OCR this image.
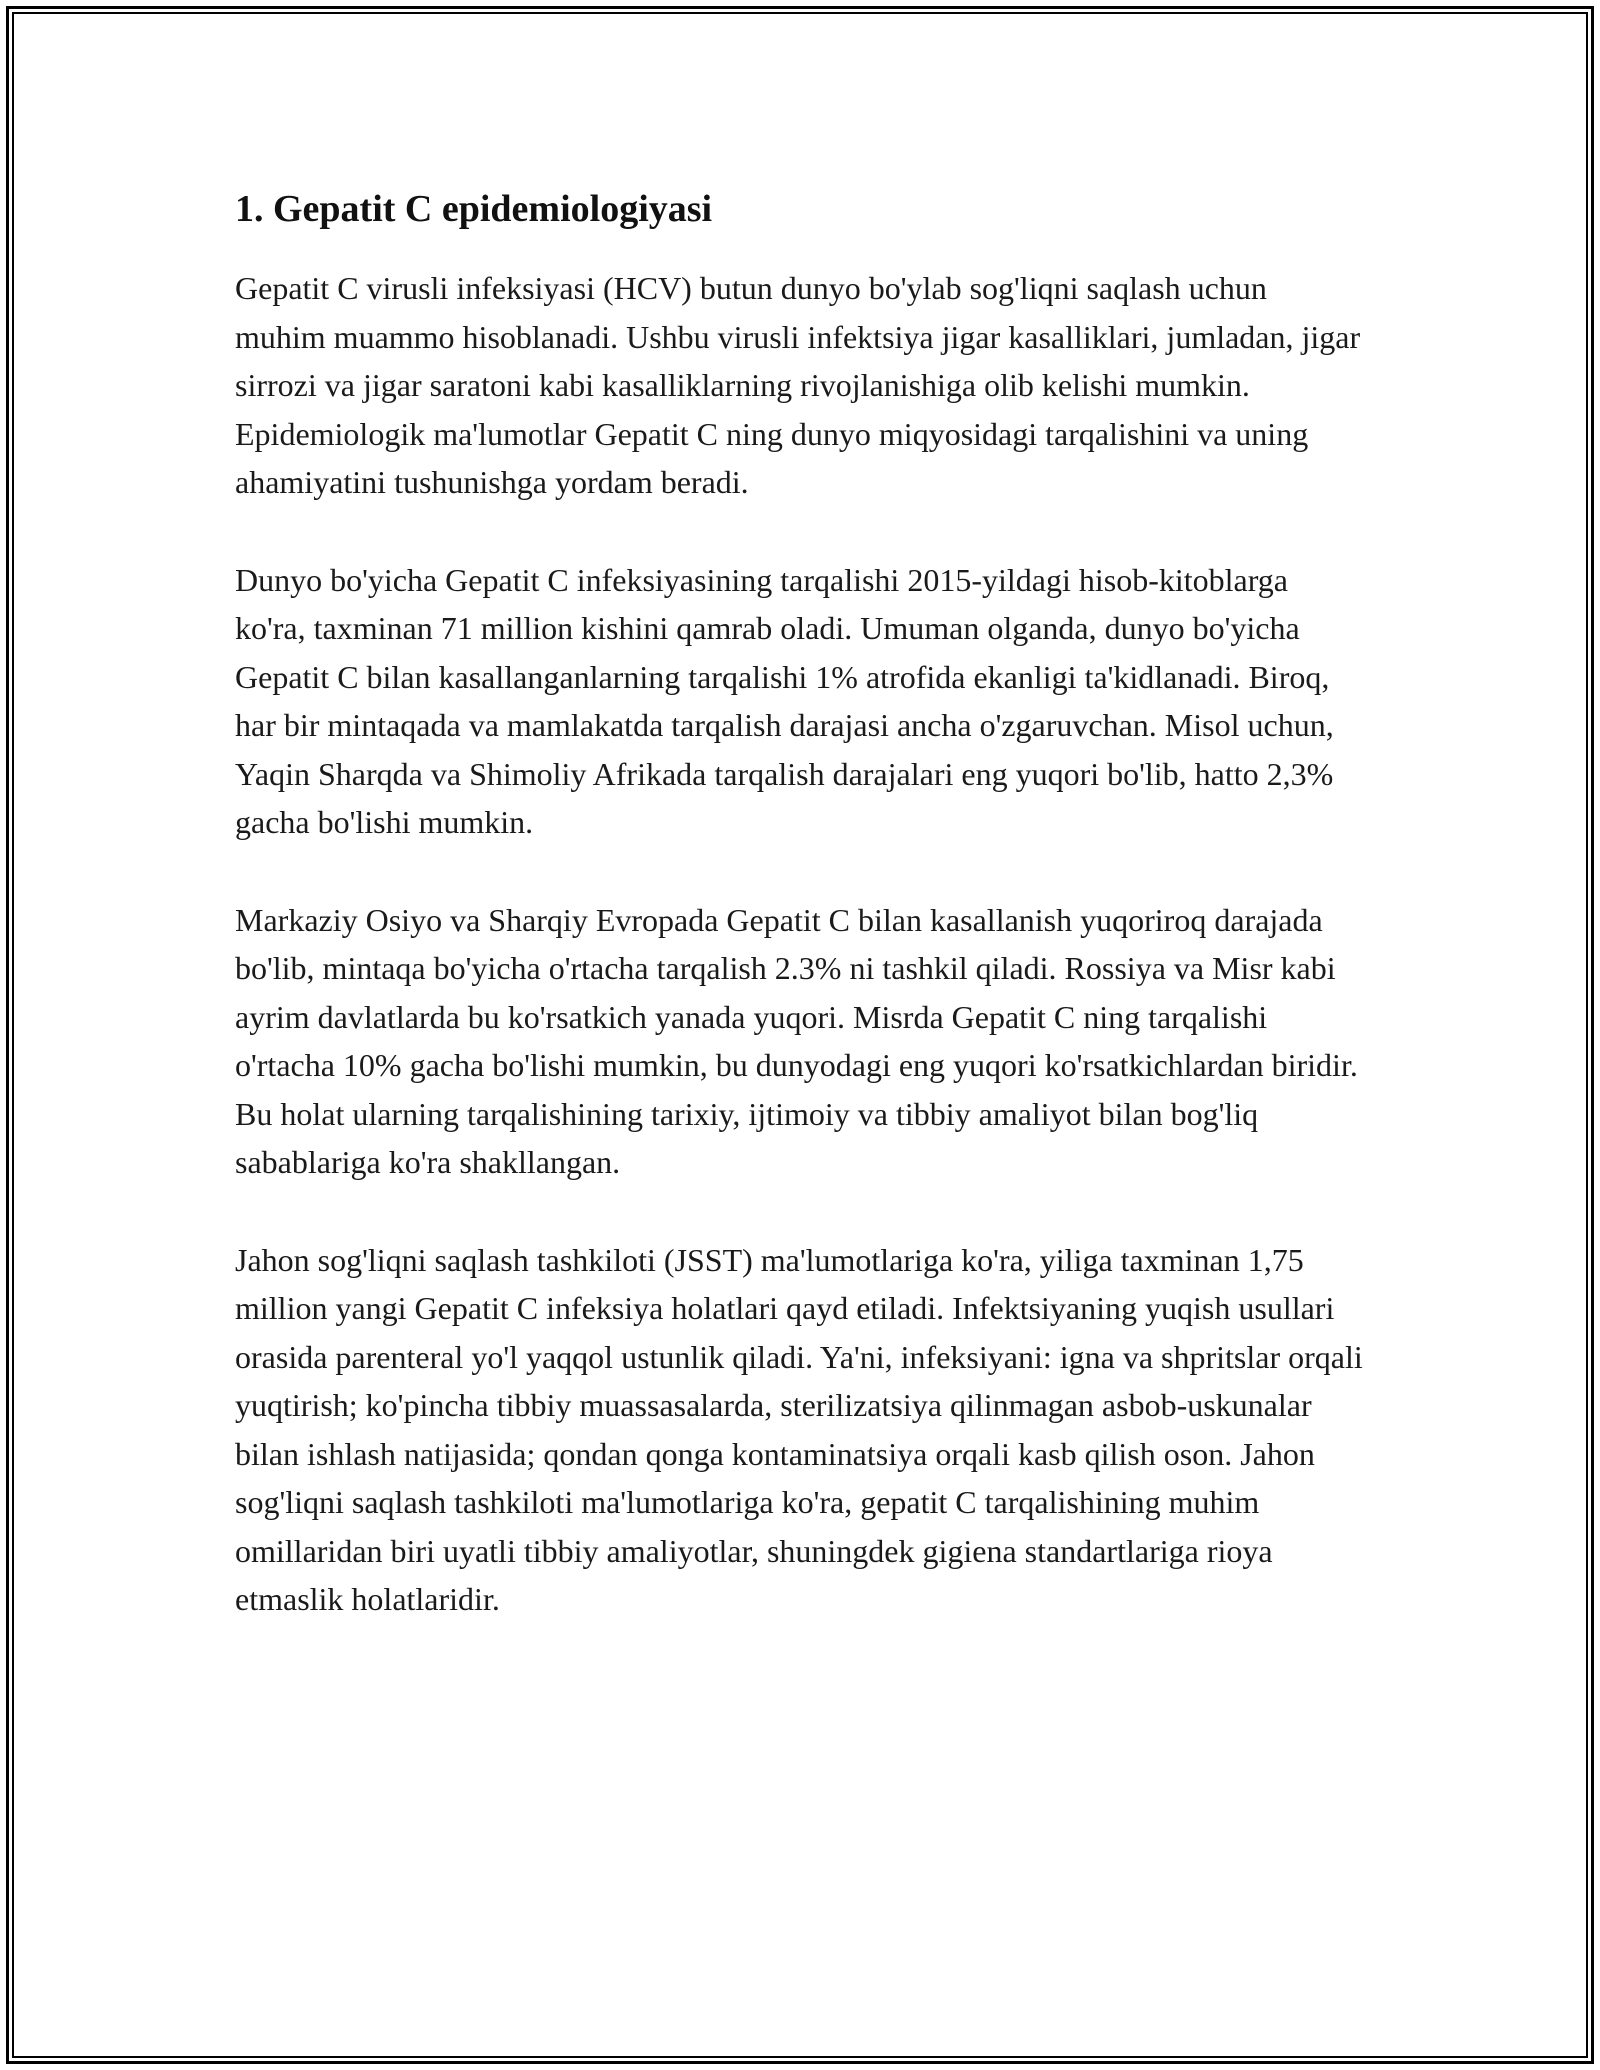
1. Gepatit C epidemiologiyasi

Gepatit C virusli infeksiyasi (HCV) butun dunyo bo'ylab sog'liqni saqlash uchun muhim muammo hisoblanadi. Ushbu virusli infektsiya jigar kasalliklari, jumladan, jigar sirrozi va jigar saratoni kabi kasalliklarning rivojlanishiga olib kelishi mumkin. Epidemiologik ma'lumotlar Gepatit C ning dunyo miqyosidagi tarqalishini va uning ahamiyatini tushunishga yordam beradi.

Dunyo bo'yicha Gepatit C infeksiyasining tarqalishi 2015-yildagi hisob-kitoblarga ko'ra, taxminan 71 million kishini qamrab oladi. Umuman olganda, dunyo bo'yicha Gepatit C bilan kasallanganlarning tarqalishi 1% atrofida ekanligi ta'kidlanadi. Biroq, har bir mintaqada va mamlakatda tarqalish darajasi ancha o'zgaruvchan. Misol uchun, Yaqin Sharqda va Shimoliy Afrikada tarqalish darajalari eng yuqori bo'lib, hatto 2,3% gacha bo'lishi mumkin.

Markaziy Osiyo va Sharqiy Evropada Gepatit C bilan kasallanish yuqoriroq darajada bo'lib, mintaqa bo'yicha o'rtacha tarqalish 2.3% ni tashkil qiladi. Rossiya va Misr kabi ayrim davlatlarda bu ko'rsatkich yanada yuqori. Misrda Gepatit C ning tarqalishi o'rtacha 10% gacha bo'lishi mumkin, bu dunyodagi eng yuqori ko'rsatkichlardan biridir. Bu holat ularning tarqalishining tarixiy, ijtimoiy va tibbiy amaliyot bilan bog'liq sabablariga ko'ra shakllangan.

Jahon sog'liqni saqlash tashkiloti (JSST) ma'lumotlariga ko'ra, yiliga taxminan 1,75 million yangi Gepatit C infeksiya holatlari qayd etiladi. Infektsiyaning yuqish usullari orasida parenteral yo'l yaqqol ustunlik qiladi. Ya'ni, infeksiyani: igna va shpritslar orqali yuqtirish; ko'pincha tibbiy muassasalarda, sterilizatsiya qilinmagan asbob-uskunalar bilan ishlash natijasida; qondan qonga kontaminatsiya orqali kasb qilish oson. Jahon sog'liqni saqlash tashkiloti ma'lumotlariga ko'ra, gepatit C tarqalishining muhim omillaridan biri uyatli tibbiy amaliyotlar, shuningdek gigiena standartlariga rioya etmaslik holatlaridir.
